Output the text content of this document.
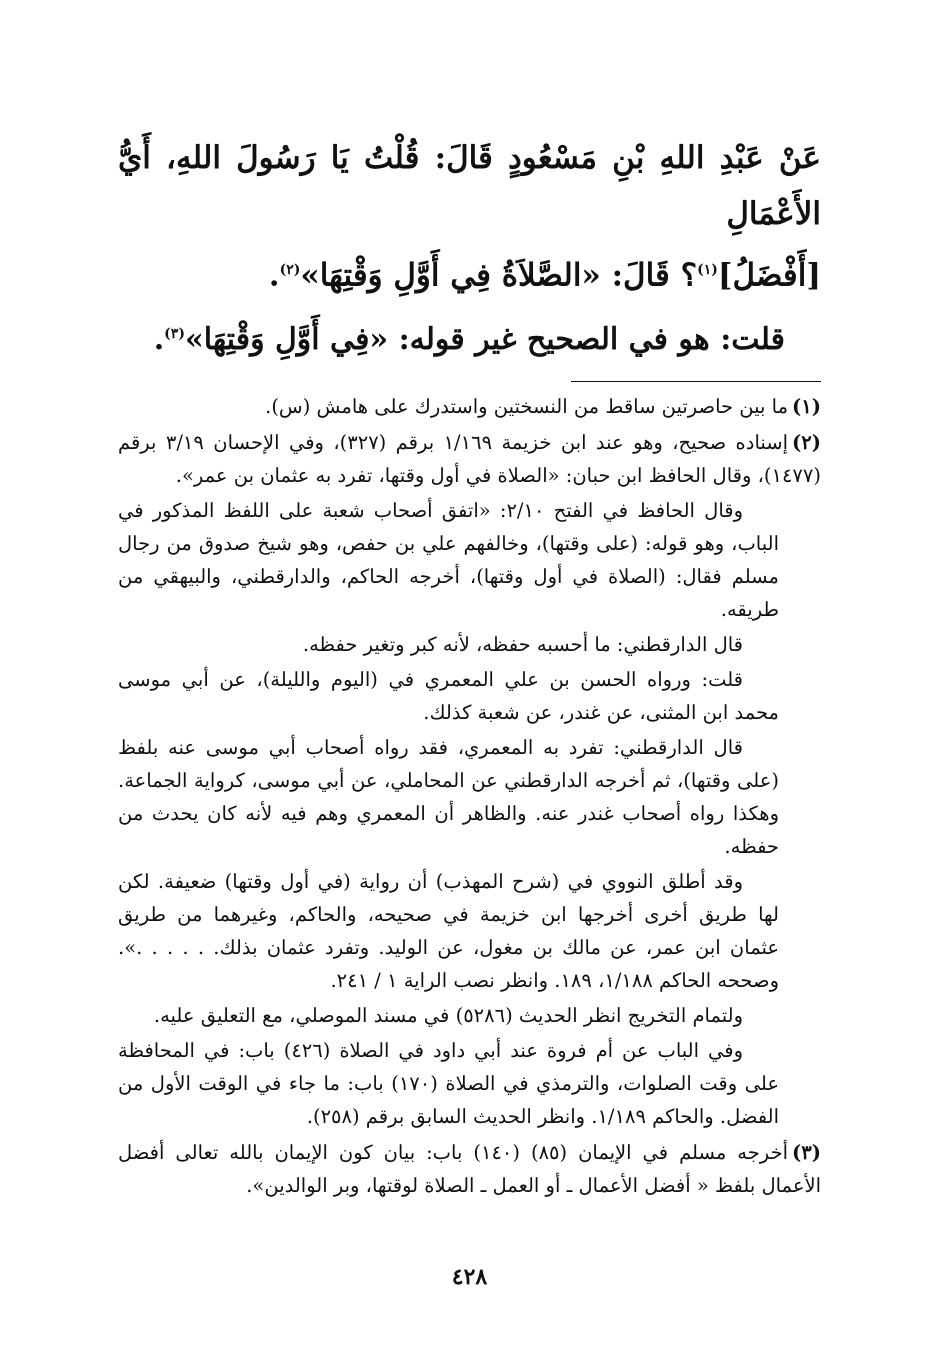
عَنْ عَبْدِ اللهِ بْنِ مَسْعُودٍ قَالَ: قُلْتُ يَا رَسُولَ اللهِ، أَيُّ الأَعْمَالِ
[أَفْضَلُ]$^{(١)}$؟ قَالَ: «الصَّلاَةُ فِي أَوَّلِ وَقْتِهَا»$^{(٢)}$.
قلت: هو في الصحيح غير قوله: «فِي أَوَّلِ وَقْتِهَا»$^{(٣)}$.

(١)ما بين حاصرتين ساقط من النسختين واستدرك على هامش (س).

(٢)إسناده صحيح، وهو عند ابن خزيمة ١/١٦٩ برقم (٣٢٧)، وفي الإحسان ٣/١٩ برقم (١٤٧٧)، وقال الحافظ ابن حبان: «الصلاة في أول وقتها، تفرد به عثمان بن عمر».

وقال الحافظ في الفتح ٢/١٠: «اتفق أصحاب شعبة على اللفظ المذكور في الباب، وهو قوله: (على وقتها)، وخالفهم علي بن حفص، وهو شيخ صدوق من رجال مسلم فقال: (الصلاة في أول وقتها)، أخرجه الحاكم، والدارقطني، والبيهقي من طريقه.

قال الدارقطني: ما أحسبه حفظه، لأنه كبر وتغير حفظه.

قلت: ورواه الحسن بن علي المعمري في (اليوم والليلة)، عن أبي موسى محمد ابن المثنى، عن غندر، عن شعبة كذلك.

قال الدارقطني: تفرد به المعمري، فقد رواه أصحاب أبي موسى عنه بلفظ (على وقتها)، ثم أخرجه الدارقطني عن المحاملي، عن أبي موسى، كرواية الجماعة. وهكذا رواه أصحاب غندر عنه. والظاهر أن المعمري وهم فيه لأنه كان يحدث من حفظه.

وقد أطلق النووي في (شرح المهذب) أن رواية (في أول وقتها) ضعيفة. لكن لها طريق أخرى أخرجها ابن خزيمة في صحيحه، والحاكم، وغيرهما من طريق عثمان ابن عمر، عن مالك بن مغول، عن الوليد. وتفرد عثمان بذلك. . . . . .». وصححه الحاكم ١/١٨٨، ١٨٩. وانظر نصب الراية ١ / ٢٤١.

ولتمام التخريج انظر الحديث (٥٢٨٦) في مسند الموصلي، مع التعليق عليه.

وفي الباب عن أم فروة عند أبي داود في الصلاة (٤٢٦) باب: في المحافظة على وقت الصلوات، والترمذي في الصلاة (١٧٠) باب: ما جاء في الوقت الأول من الفضل. والحاكم ١/١٨٩. وانظر الحديث السابق برقم (٢٥٨).

(٣)أخرجه مسلم في الإيمان (٨٥) (١٤٠) باب: بيان كون الإيمان بالله تعالى أفضل الأعمال بلفظ « أفضل الأعمال ـ أو العمل ـ الصلاة لوقتها، وبر الوالدين».

٤٢٨
